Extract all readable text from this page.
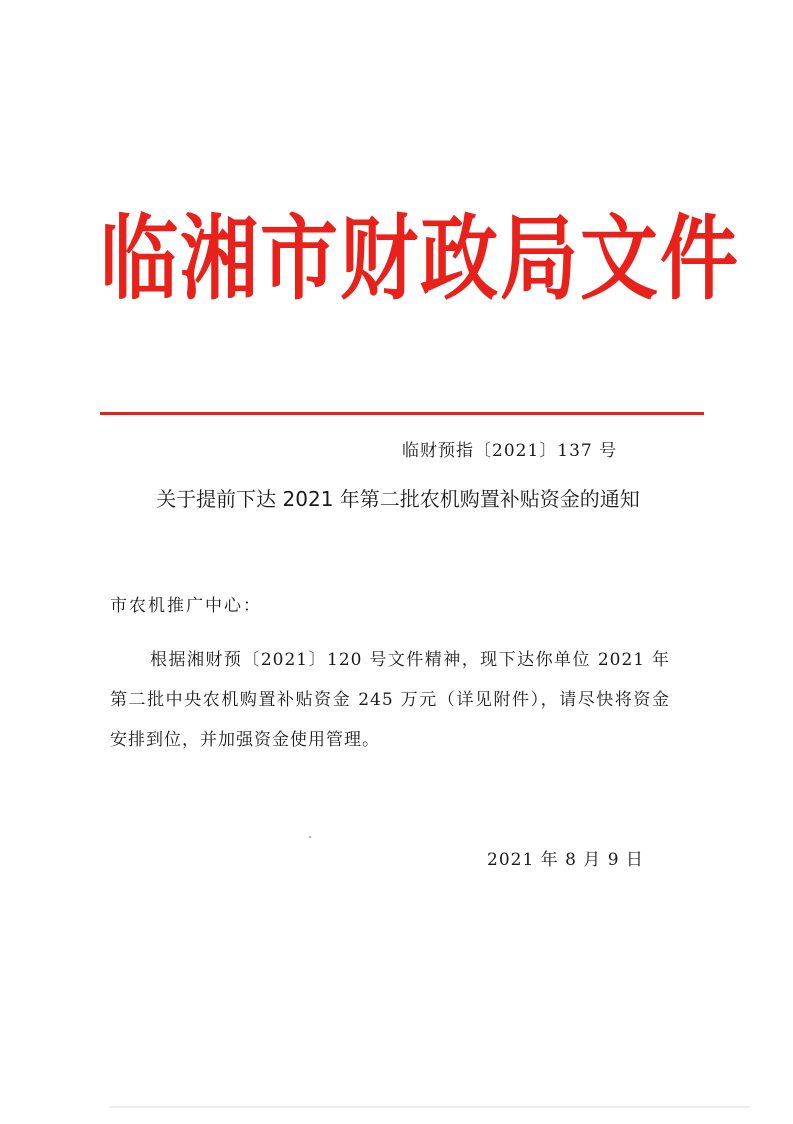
临湘市财政局文件
临财预指〔2021〕137 号
关于提前下达 2021 年第二批农机购置补贴资金的通知
市农机推广中心：
根据湘财预〔2021〕120 号文件精神，现下达你单位 2021 年第二批中央农机购置补贴资金 245 万元（详见附件），请尽快将资金安排到位，并加强资金使用管理。
2021 年 8 月 9 日
